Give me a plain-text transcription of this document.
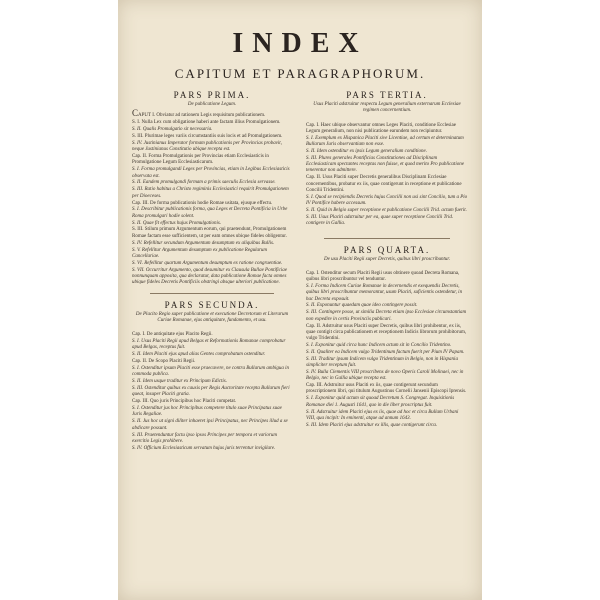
INDEX
CAPITUM ET PARAGRAPHORUM.
PARS PRIMA.
De publicatione Legum.
CAPUT I. Obviatur ad rationem Legis requisitum publicationem.
S. I. Nulla Lex cum obligatione haberi ante factam illius Promulgationem.
S. II. Qualis Promulgatio sit necessaria.
S. III. Plurimae leges variis circumstantiis suis locis et ad Promulgationem.
S. IV. Justinianus Imperator formam publicationis per Provincias probavit, neque Justinianus Constitutio ubique recepta est.
Cap. II. Forma Promulgationis per Provincias etiam Ecclesiasticis in Promulgatione Legum Ecclesiasticarum.
S. I. Forma promulgandi Leges per Provincias, etiam in Legibus Ecclesiasticis observata est.
S. II. Eandem promulgandi formam a primis saeculis Ecclesia servasse.
S. III. Ratio habitus a Christo regiminis Ecclesiastici requirit Promulgationem per Dioeceses.
Cap. III. De forma publicationis hodie Romae usitata, ejusque effectu.
S. I. Describitur publicationis forma, qua Leges et Decreta Pontificia in Urbe Roma promulgari hodie solent.
S. II. Quae fit effectus hujus Promulgationis.
S. III. Stilum primum Argumentum eorum, qui praetendunt, Promulgationem Romae factam esse sufficientem, ut per eam omnes ubique fideles obligentur.
S. IV. Refellitur secundum Argumentum desumptum ex aliquibus Bullis.
S. V. Refellitur Argumentum desumptum ex publicatione Regularum Cancellariae.
S. VI. Refellitur quartum Argumentum desumptum ex ratione congruentiae.
S. VII. Occurritur Argumento, quod desumitur ex Clausula Bullae Pontificiae nonnunquam apposita, qua declaratur, data publicatione Romae facta omnes ubique fideles Decretis Pontificiis obstringi absque ulteriori publicatione.
PARS SECUNDA.
De Placito Regio super publicatione et executione Decretorum et Literarum Curiae Romanae, ejus antiquitate, fundamento, et usu.
Cap. I. De antiquitate ejus Placito Regii.
S. I. Usus Placiti Regii apud Belgas et Reformationis Romanae comprobatur apud Belgas, receptus fuit.
S. II. Idem Placiti ejus apud alias Gentes comprobatum ostenditur.
Cap. II. De Scopo Placiti Regii.
S. I. Ostenditur ipsum Placiti esse praecavere, ne contra Bullarum ambigua in commoda publica.
S. II. Idem usque traditur ex Principum Edictis.
S. III. Ostenditur quibus ex causis per Regis Auctoritate recepta Bullarum fieri queat, insuper Placiti gratia.
Cap. III. Quo juris Principibus hoc Placiti competat.
S. I. Ostenditur jus hoc Principibus competere titulo suae Principatus suae Juris Regaliae.
S. II. Jus hoc ut signi diliter inhaeret ipsi Principatus, nec Principes illud a se abdicare possunt.
S. III. Praetenduntur factu ipso ipsos Principes per tempora et variorum exercitio Legis prohibere.
S. IV. Officium Ecclesiasticum servatum hujus juris terrentur invigilare.
PARS TERTIA.
Usus Placiti adstruitur respectu Legum generalium externarum Ecclesiae regimen concernentium.
Cap. I. Haec ubique observantur omnes Leges Placiti, conditione Ecclesiae Legum generalium, non nisi publicatione earundem non recipiuntur.
S. I. Exemplum ex Hispanica Placiti sive Licentiae, ad certum et determinatum Bullarum Juris observantiam non esse.
S. II. Idem ostenditur ex ipsis Legum generalium conditione.
S. III. Plures generales Pontificias Constitutiones ad Disciplinam Ecclesiasticam spectantes receptas non fuisse, et quod merito Pro publicatione tenerentur non admittere.
Cap. II. Usus Placiti super Decretis generalibus Disciplinam Ecclesiae concernentibus, probatur ex iis, quae contigerunt in receptione et publicatione Concilii Tridentini.
S. I. Quod se recipiendis Decretis hujus Concilii non usi sint Concilio, tum a Pio IV Pontifice habere accessum.
S. II. Quid in Belgio super receptione et publicatione Concilii Trid. actum fuerit.
S. III. Usus Placiti adstruitur per ea, quae super receptione Concilii Trid. contigere in Gallia.
PARS QUARTA.
De usu Placiti Regii super Decretis, quibus libri proscribuntur.
Cap. I. Ostenditur secum Placiti Regii usus obtinere quoad Decreta Romana, quibus libri proscribuntur vel tenduntur.
S. I. Forma Indicem Curiae Romanae in decernendis et exequendis Decretis, quibus libri proscribuntur memorantur, usum Placiti, suficientis ostendetur, in hac Decreta exposuit.
S. II. Exponuntur quaedam quae ideo contingere possit.
S. III. Contingere posse, ut similia Decreta etiam ipso Ecclesiae circumstantiam non expedire in certis Provinciis publicari.
Cap. II. Adstruitur usus Placiti super Decretis, quibus libri prohibentur, ex iis, quae contigit circa publicationem et receptionem Indicis librorum prohibitorum, vulgo Tridentini.
S. I. Exponitur quid circa hunc Indicem actum sit in Concilio Tridentino.
S. II. Qualiter ea Indicem vulgo Tridentinum factum fuerit per Pium IV Papam.
S. III. Traditur ipsum Indicem vulgo Tridentinum in Belgio, non in Hispania simpliciter receptum fuit.
S. IV. Bulla Clementis VIII proscribens de novo Operis Caroli Molinaei, nec in Belgio, nec in Gallia ubique recepta est.
Cap. III. Adstruitur usus Placiti ex iis, quae contigerunt secundum proscriptionem libri, qui titulum Augustinus Cornelii Jansenii Episcopi Iprensis.
S. I. Exponitur quid actum sit quoad Decretum S. Congregat. Inquisitionis Romanae diei 1. Augusti 1641, quo in die liber proscriptus fuit.
S. II. Adstruitur idem Placiti ejus ex iis, quae ad hoc et circa Bullam Urbani VIII, qua incipit: In eminenti, atque ad annum 1643.
S. III. Idem Placiti ejus adstruitur ex illis, quae contigerunt circa.
